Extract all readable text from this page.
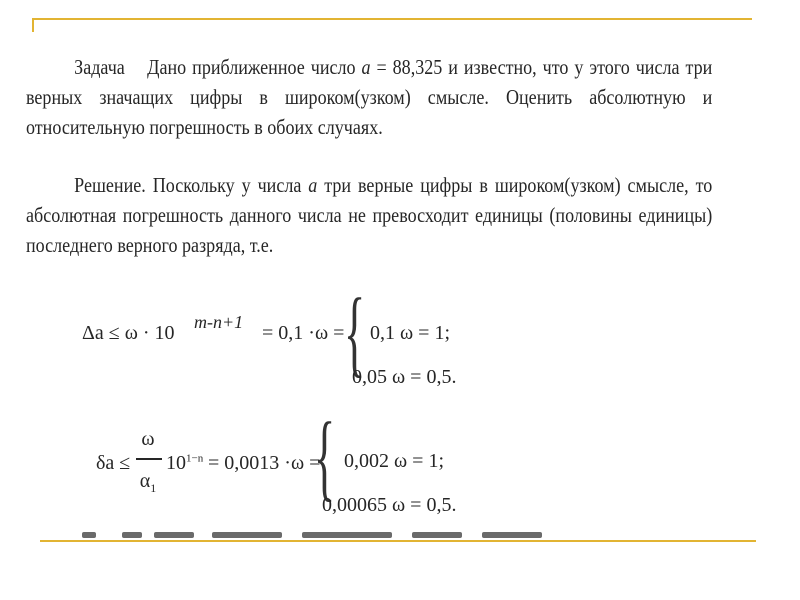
Задача Дано приближенное число a = 88,325 и известно, что у этого числа три верных значащих цифры в широком(узком) смысле. Оценить абсолютную и относительную погрешность в обоих случаях.

Решение. Поскольку у числа a три верные цифры в широком(узком) смысле, то абсолютная погрешность данного числа не превосходит единицы (половины единицы) последнего верного разряда, т.е.

Δa ≤ ω · 10 m-n+1 = 0,1 ·ω = { 0,1 ω = 1;
0,05 ω = 0,5.
δa ≤
ω
$\alpha_1$
$10^{1-n} = 0,0013 \cdot\omega$ =
{ 0,002 ω = 1;
0,00065 ω = 0,5.
